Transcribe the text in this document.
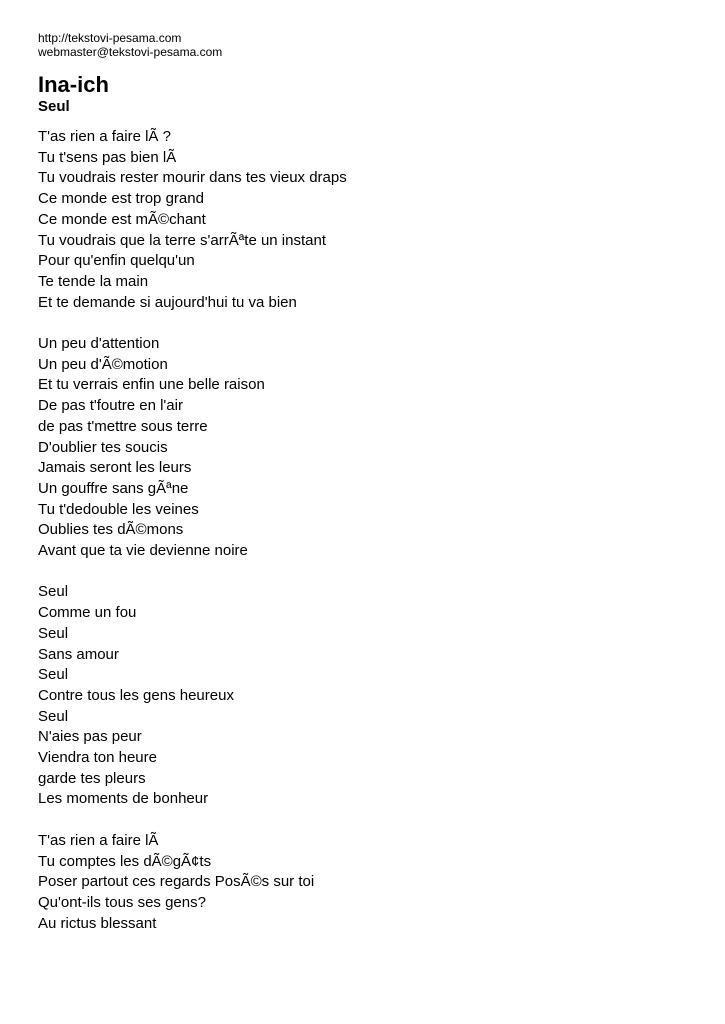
http://tekstovi-pesama.com
webmaster@tekstovi-pesama.com
Ina-ich
Seul
T'as rien a faire lÃ ?
Tu t'sens pas bien lÃ
Tu voudrais rester mourir dans tes vieux draps
Ce monde est trop grand
Ce monde est mÃ©chant
Tu voudrais que la terre s'arrÃªte un instant
Pour qu'enfin quelqu'un
Te tende la main
Et te demande si aujourd'hui tu va bien
Un peu d'attention
Un peu d'Ã©motion
Et tu verrais enfin une belle raison
De pas t'foutre en l'air
de pas t'mettre sous terre
D'oublier tes soucis
Jamais seront les leurs
Un gouffre sans gÃªne
Tu t'dedouble les veines
Oublies tes dÃ©mons
Avant que ta vie devienne noire
Seul
Comme un fou
Seul
Sans amour
Seul
Contre tous les gens heureux
Seul
N'aies pas peur
Viendra ton heure
garde tes pleurs
Les moments de bonheur
T'as rien a faire lÃ
Tu comptes les dÃ©gÃ¢ts
Poser partout ces regards PosÃ©s sur toi
Qu'ont-ils tous ses gens?
Au rictus blessant
